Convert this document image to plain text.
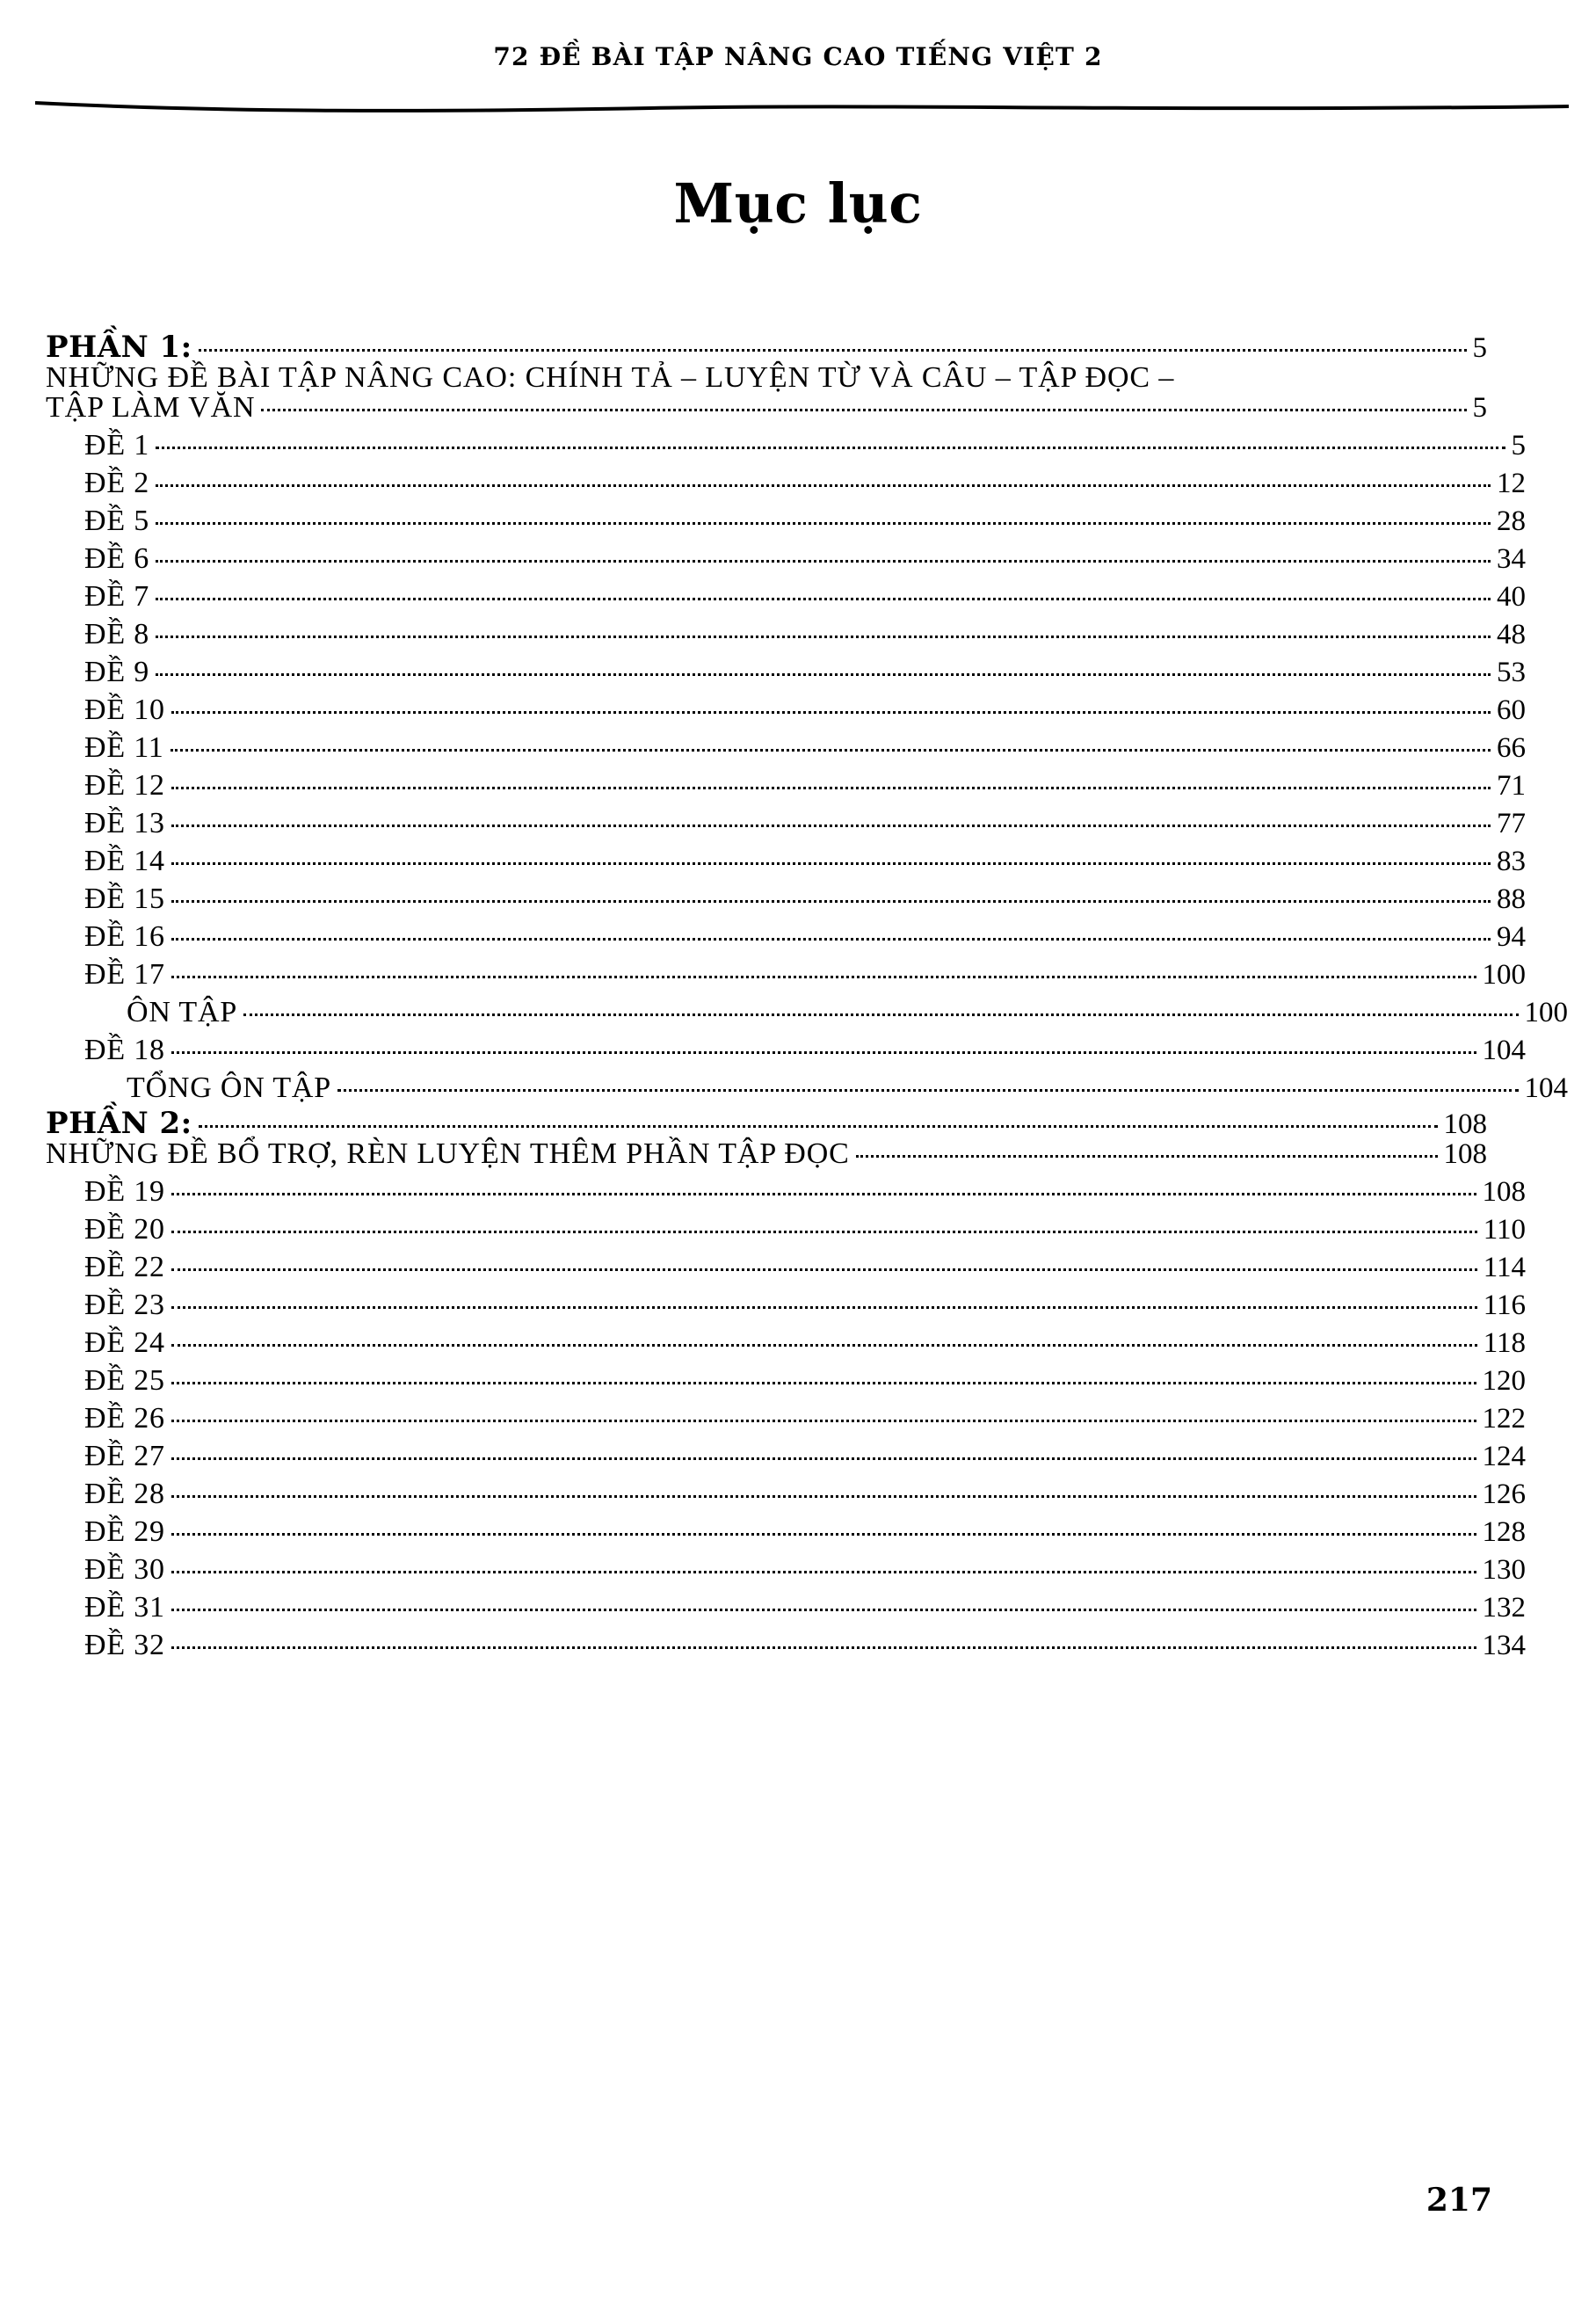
72 ĐỀ BÀI TẬP NÂNG CAO TIẾNG VIỆT 2
Mục lục
PHẦN 1:	5
NHỮNG ĐỀ BÀI TẬP NÂNG CAO: CHÍNH TẢ – LUYỆN TỪ VÀ CÂU – TẬP ĐỌC –
TẬP LÀM VĂN	5
ĐỀ 1	5
ĐỀ 2	12
ĐỀ 5	28
ĐỀ 6	34
ĐỀ 7	40
ĐỀ 8	48
ĐỀ 9	53
ĐỀ 10	60
ĐỀ 11	66
ĐỀ 12	71
ĐỀ 13	77
ĐỀ 14	83
ĐỀ 15	88
ĐỀ 16	94
ĐỀ 17	100
ÔN TẬP	100
ĐỀ 18	104
TỔNG ÔN TẬP	104
PHẦN 2:	108
NHỮNG ĐỀ BỔ TRỢ, RÈN LUYỆN THÊM PHẦN TẬP ĐỌC	108
ĐỀ 19	108
ĐỀ 20	110
ĐỀ 22	114
ĐỀ 23	116
ĐỀ 24	118
ĐỀ 25	120
ĐỀ 26	122
ĐỀ 27	124
ĐỀ 28	126
ĐỀ 29	128
ĐỀ 30	130
ĐỀ 31	132
ĐỀ 32	134
217
